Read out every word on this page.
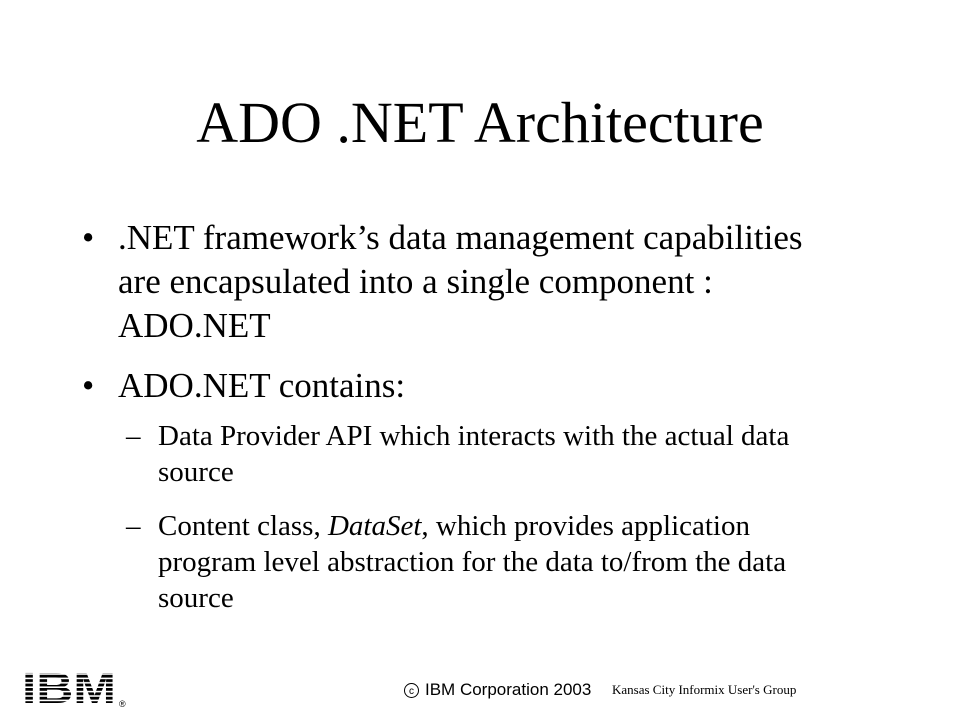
ADO .NET Architecture
• .NET framework’s data management capabilities are encapsulated into a single component : ADO.NET
• ADO.NET contains:
– Data Provider API which interacts with the actual data source
– Content class, DataSet, which provides application program level abstraction for the data to/from the data source
®
c IBM Corporation 2003 Kansas City Informix User's Group
